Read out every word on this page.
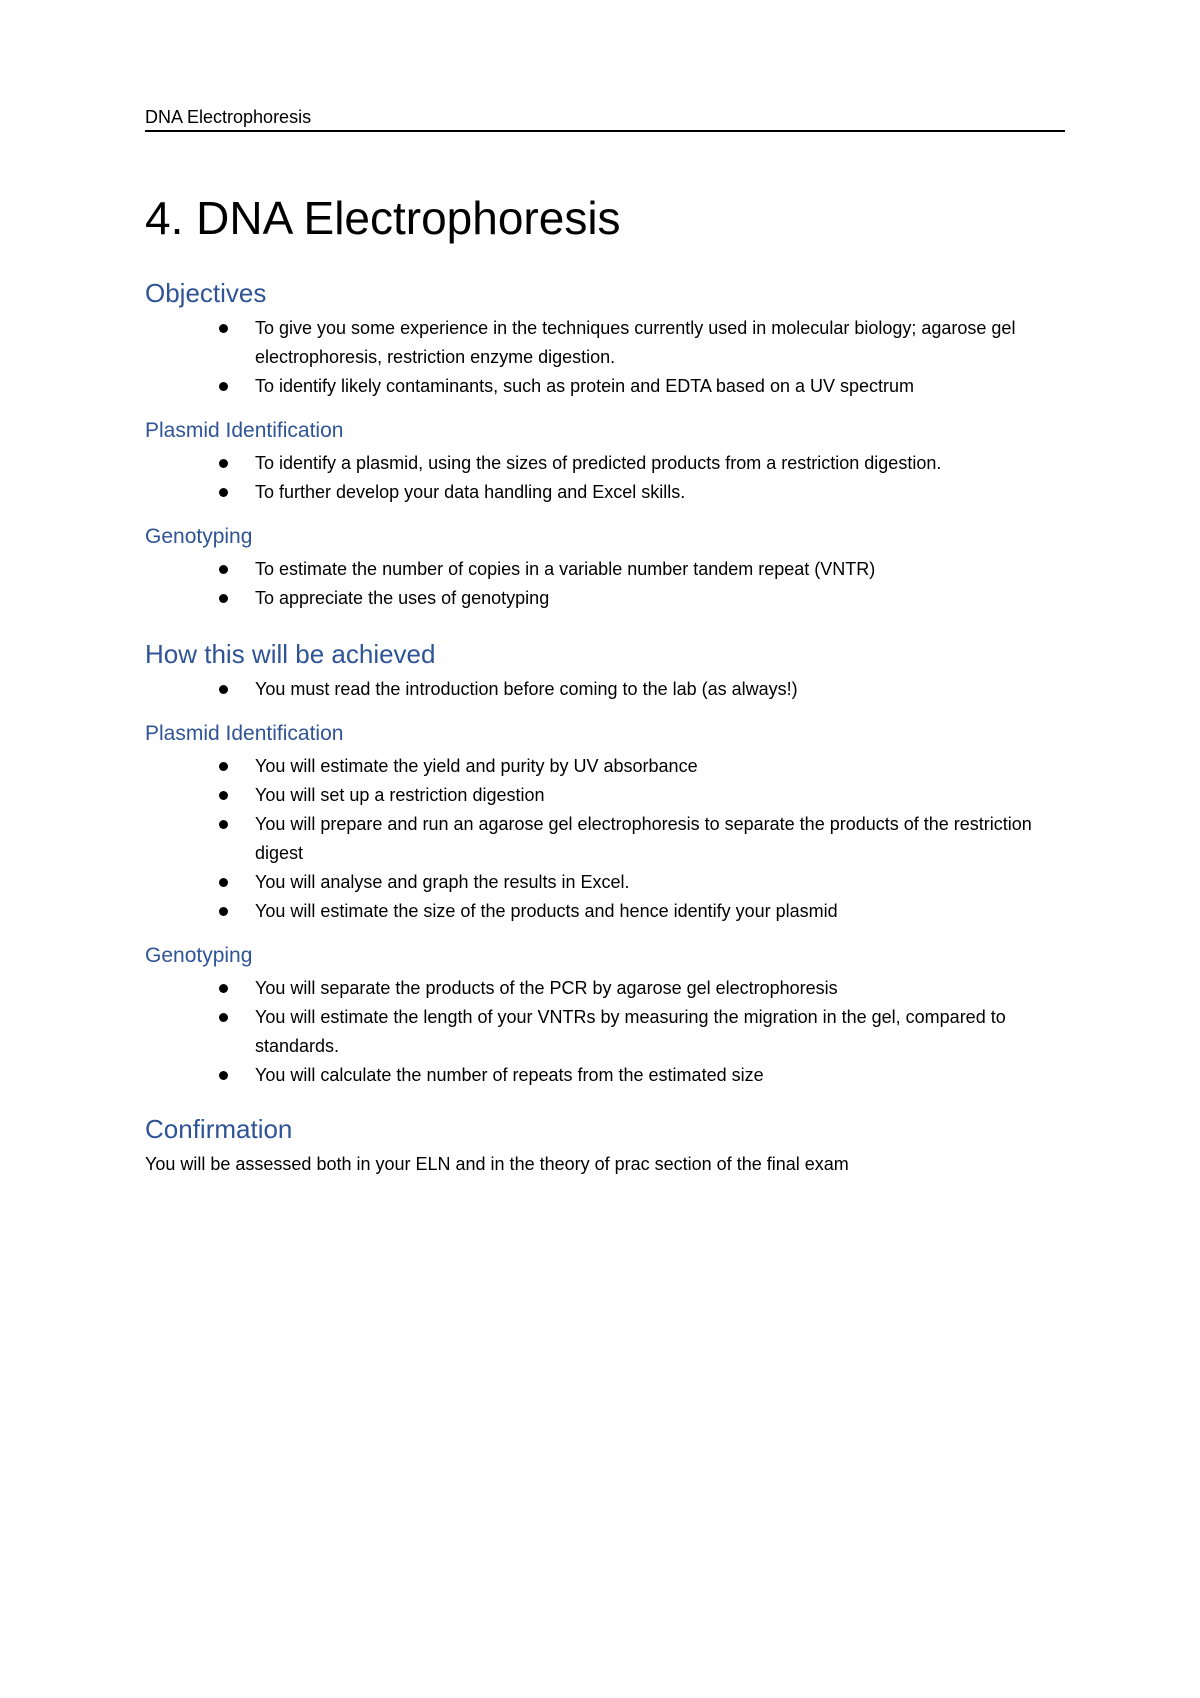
DNA Electrophoresis
4. DNA Electrophoresis
Objectives
To give you some experience in the techniques currently used in molecular biology; agarose gel electrophoresis, restriction enzyme digestion.
To identify likely contaminants, such as protein and EDTA based on a UV spectrum
Plasmid Identification
To identify a plasmid, using the sizes of predicted products from a restriction digestion.
To further develop your data handling and Excel skills.
Genotyping
To estimate the number of copies in a variable number tandem repeat (VNTR)
To appreciate the uses of genotyping
How this will be achieved
You must read the introduction before coming to the lab (as always!)
Plasmid Identification
You will estimate the yield and purity by UV absorbance
You will set up a restriction digestion
You will prepare and run an agarose gel electrophoresis to separate the products of the restriction digest
You will analyse and graph the results in Excel.
You will estimate the size of the products and hence identify your plasmid
Genotyping
You will separate the products of the PCR by agarose gel electrophoresis
You will estimate the length of your VNTRs by measuring the migration in the gel, compared to standards.
You will calculate the number of repeats from the estimated size
Confirmation

You will be assessed both in your ELN and in the theory of prac section of the final exam
